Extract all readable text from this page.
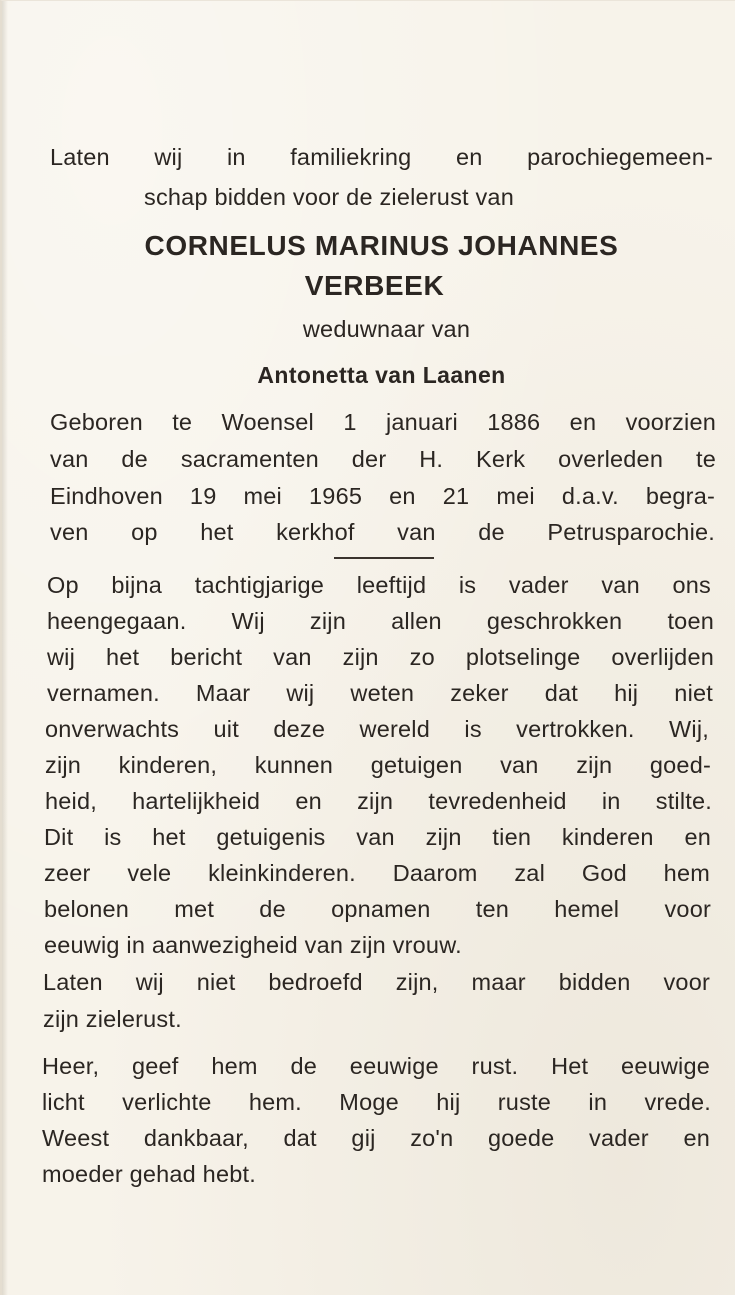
Laten wij in familiekring en parochiegemeen-
schap bidden voor de zielerust van
CORNELUS MARINUS JOHANNES
VERBEEK
weduwnaar van
Antonetta van Laanen
Geboren te Woensel 1 januari 1886 en voorzien
van de sacramenten der H. Kerk overleden te
Eindhoven 19 mei 1965 en 21 mei d.a.v. begra-
ven op het kerkhof van de Petrusparochie.
Op bijna tachtigjarige leeftijd is vader van ons
heengegaan. Wij zijn allen geschrokken toen
wij het bericht van zijn zo plotselinge overlijden
vernamen. Maar wij weten zeker dat hij niet
onverwachts uit deze wereld is vertrokken. Wij,
zijn kinderen, kunnen getuigen van zijn goed-
heid, hartelijkheid en zijn tevredenheid in stilte.
Dit is het getuigenis van zijn tien kinderen en
zeer vele kleinkinderen. Daarom zal God hem
belonen met de opnamen ten hemel voor
eeuwig in aanwezigheid van zijn vrouw.
Laten wij niet bedroefd zijn, maar bidden voor
zijn zielerust.
Heer, geef hem de eeuwige rust. Het eeuwige
licht verlichte hem. Moge hij ruste in vrede.
Weest dankbaar, dat gij zo'n goede vader en
moeder gehad hebt.
